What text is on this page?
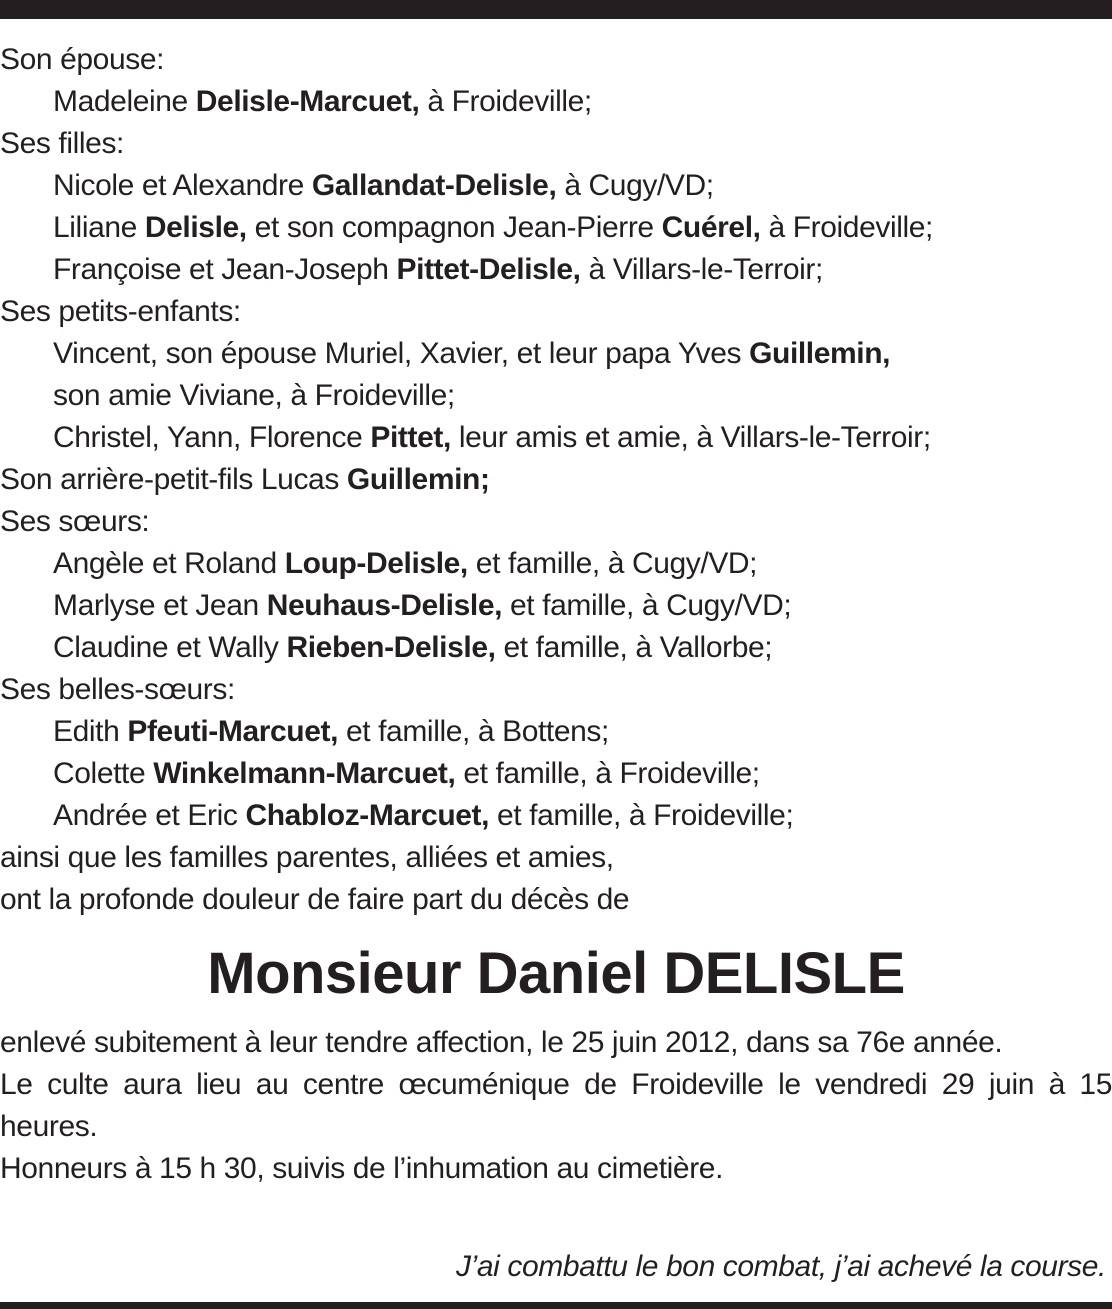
Son épouse:
Madeleine Delisle-Marcuet, à Froideville;
Ses filles:
Nicole et Alexandre Gallandat-Delisle, à Cugy/VD;
Liliane Delisle, et son compagnon Jean-Pierre Cuérel, à Froideville;
Françoise et Jean-Joseph Pittet-Delisle, à Villars-le-Terroir;
Ses petits-enfants:
Vincent, son épouse Muriel, Xavier, et leur papa Yves Guillemin,
son amie Viviane, à Froideville;
Christel, Yann, Florence Pittet, leur amis et amie, à Villars-le-Terroir;
Son arrière-petit-fils Lucas Guillemin;
Ses sœurs:
Angèle et Roland Loup-Delisle, et famille, à Cugy/VD;
Marlyse et Jean Neuhaus-Delisle, et famille, à Cugy/VD;
Claudine et Wally Rieben-Delisle, et famille, à Vallorbe;
Ses belles-sœurs:
Edith Pfeuti-Marcuet, et famille, à Bottens;
Colette Winkelmann-Marcuet, et famille, à Froideville;
Andrée et Eric Chabloz-Marcuet, et famille, à Froideville;
ainsi que les familles parentes, alliées et amies,
ont la profonde douleur de faire part du décès de
Monsieur Daniel DELISLE

enlevé subitement à leur tendre affection, le 25 juin 2012, dans sa 76e année.

Le culte aura lieu au centre œcuménique de Froideville le vendredi 29 juin à 15 heures.

Honneurs à 15 h 30, suivis de l’inhumation au cimetière.

J’ai combattu le bon combat, j’ai achevé la course.
